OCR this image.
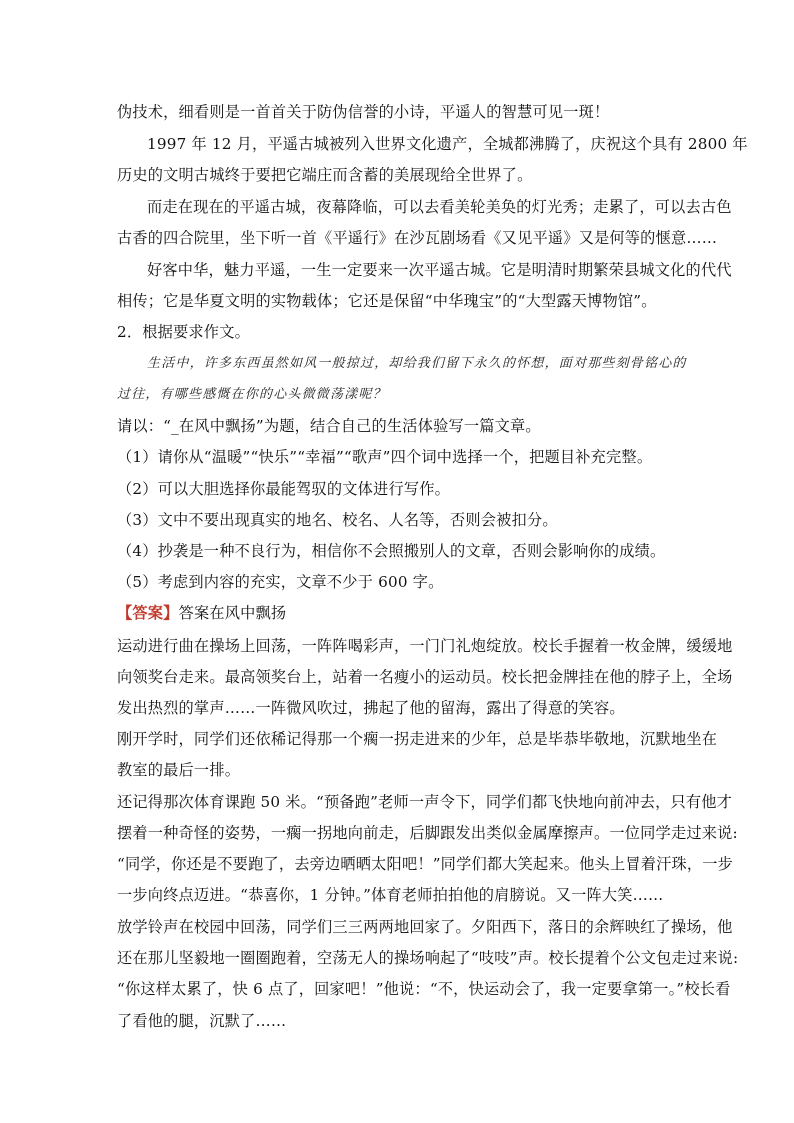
伪技术，细看则是一首首关于防伪信誉的小诗，平遥人的智慧可见一斑！
1997 年 12 月，平遥古城被列入世界文化遗产，全城都沸腾了，庆祝这个具有 2800 年
历史的文明古城终于要把它端庄而含蓄的美展现给全世界了。
而走在现在的平遥古城，夜幕降临，可以去看美轮美奂的灯光秀；走累了，可以去古色
古香的四合院里，坐下听一首《平遥行》在沙瓦剧场看《又见平遥》又是何等的惬意……
好客中华，魅力平遥，一生一定要来一次平遥古城。它是明清时期繁荣县城文化的代代
相传；它是华夏文明的实物载体；它还是保留“中华瑰宝”的“大型露天博物馆”。
2．根据要求作文。
生活中，许多东西虽然如风一般掠过，却给我们留下永久的怀想，面对那些刻骨铭心的
过往，有哪些感慨在你的心头微微荡漾呢？
请以：“_在风中飘扬”为题，结合自己的生活体验写一篇文章。
（1）请你从“温暖”“快乐”“幸福”“歌声”四个词中选择一个，把题目补充完整。
（2）可以大胆选择你最能驾驭的文体进行写作。
（3）文中不要出现真实的地名、校名、人名等，否则会被扣分。
（4）抄袭是一种不良行为，相信你不会照搬别人的文章，否则会影响你的成绩。
（5）考虑到内容的充实，文章不少于 600 字。
【答案】答案在风中飘扬
运动进行曲在操场上回荡，一阵阵喝彩声，一门门礼炮绽放。校长手握着一枚金牌，缓缓地
向领奖台走来。最高领奖台上，站着一名瘦小的运动员。校长把金牌挂在他的脖子上，全场
发出热烈的掌声……一阵微风吹过，拂起了他的留海，露出了得意的笑容。
刚开学时，同学们还依稀记得那一个瘸一拐走进来的少年，总是毕恭毕敬地，沉默地坐在
教室的最后一排。
还记得那次体育课跑 50 米。“预备跑”老师一声令下，同学们都飞快地向前冲去，只有他才
摆着一种奇怪的姿势，一瘸一拐地向前走，后脚跟发出类似金属摩擦声。一位同学走过来说:
“同学，你还是不要跑了，去旁边晒晒太阳吧！”同学们都大笑起来。他头上冒着汗珠，一步
一步向终点迈进。“恭喜你，1 分钟。”体育老师拍拍他的肩膀说。又一阵大笑……
放学铃声在校园中回荡，同学们三三两两地回家了。夕阳西下，落日的余辉映红了操场，他
还在那儿坚毅地一圈圈跑着，空荡无人的操场响起了“吱吱”声。校长提着个公文包走过来说:
“你这样太累了，快 6 点了，回家吧！”他说：“不，快运动会了，我一定要拿第一。”校长看
了看他的腿，沉默了……
